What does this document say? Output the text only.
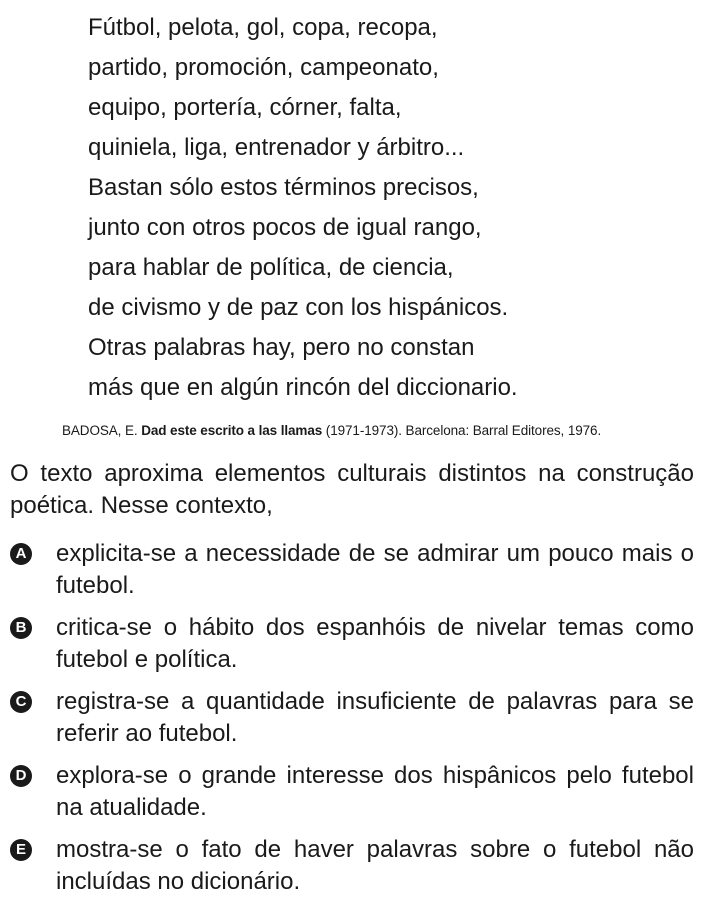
Fútbol, pelota, gol, copa, recopa,
partido, promoción, campeonato,
equipo, portería, córner, falta,
quiniela, liga, entrenador y árbitro...
Bastan sólo estos términos precisos,
junto con otros pocos de igual rango,
para hablar de política, de ciencia,
de civismo y de paz con los hispánicos.
Otras palabras hay, pero no constan
más que en algún rincón del diccionario.
BADOSA, E. Dad este escrito a las llamas (1971-1973). Barcelona: Barral Editores, 1976.
O texto aproxima elementos culturais distintos na construção poética. Nesse contexto,
A explicita-se a necessidade de se admirar um pouco mais o futebol.
B critica-se o hábito dos espanhóis de nivelar temas como futebol e política.
C registra-se a quantidade insuficiente de palavras para se referir ao futebol.
D explora-se o grande interesse dos hispânicos pelo futebol na atualidade.
E mostra-se o fato de haver palavras sobre o futebol não incluídas no dicionário.
